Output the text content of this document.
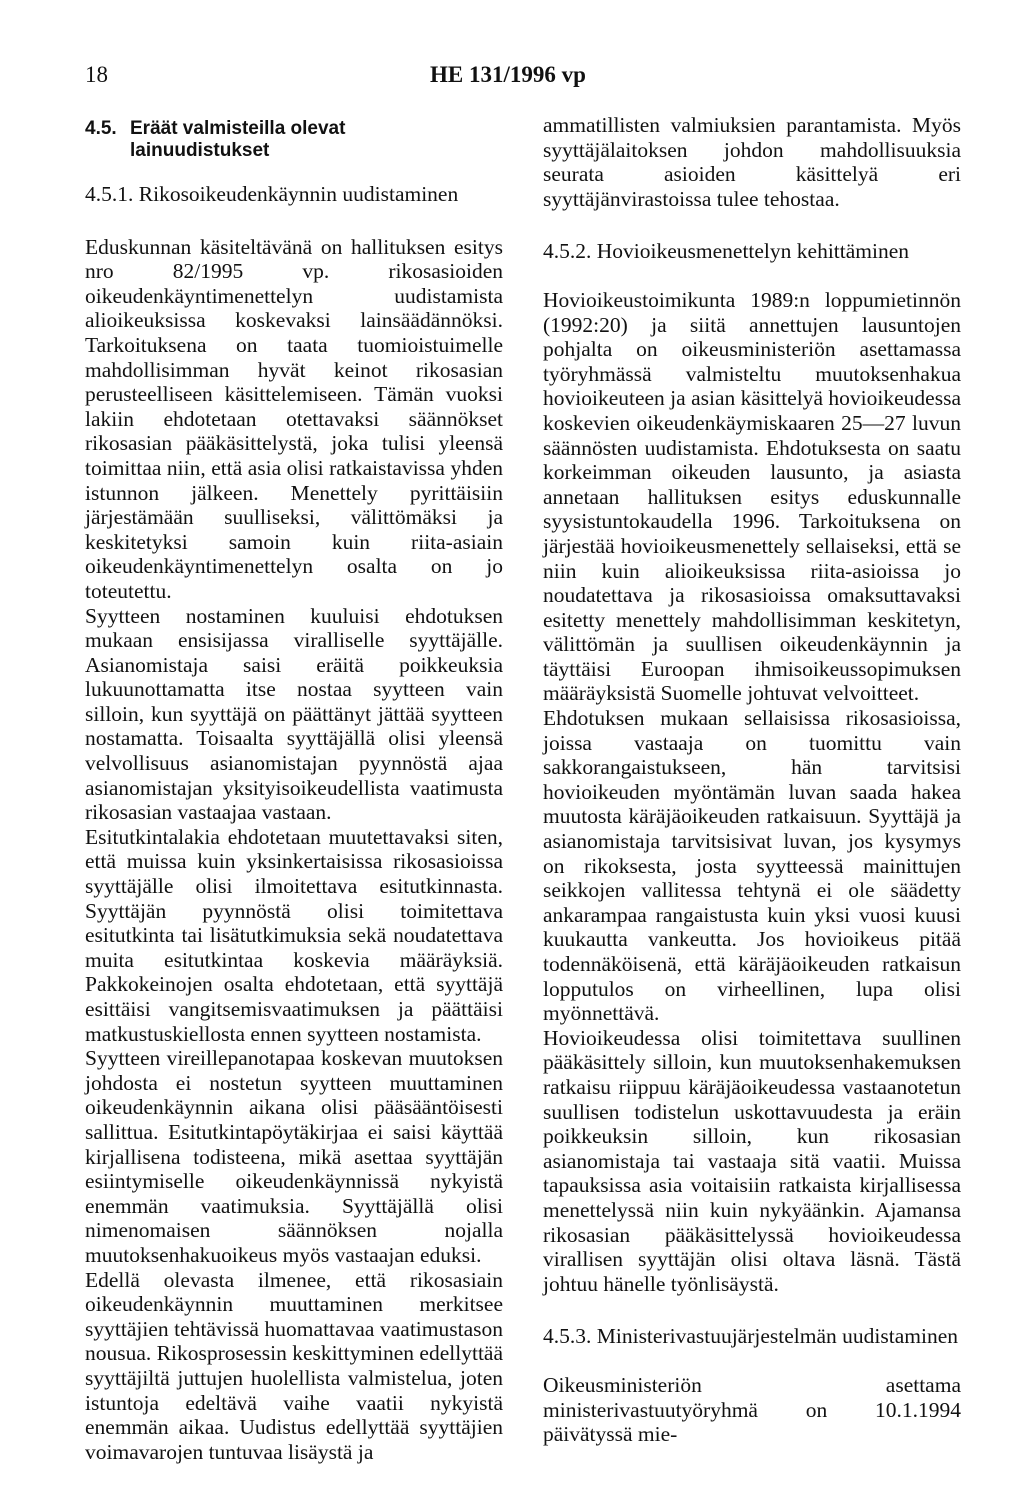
18	HE 131/1996 vp
4.5. Eräät valmisteilla olevat lainuudistukset

4.5.1. Rikosoikeudenkäynnin uudistaminen

Eduskunnan käsiteltävänä on hallituksen esitys nro 82/1995 vp. rikosasioiden oikeudenkäyntimenettelyn uudistamista alioikeuksissa koskevaksi lainsäädännöksi. Tarkoituksena on taata tuomioistuimelle mahdollisimman hyvät keinot rikosasian perusteelliseen käsittelemiseen. Tämän vuoksi lakiin ehdotetaan otettavaksi säännökset rikosasian pääkäsittelystä, joka tulisi yleensä toimittaa niin, että asia olisi ratkaistavissa yhden istunnon jälkeen. Menettely pyrittäisiin järjestämään suulliseksi, välittömäksi ja keskitetyksi samoin kuin riita-asiain oikeudenkäyntimenettelyn osalta on jo toteutettu.

Syytteen nostaminen kuuluisi ehdotuksen mukaan ensisijassa viralliselle syyttäjälle. Asianomistaja saisi eräitä poikkeuksia lukuunottamatta itse nostaa syytteen vain silloin, kun syyttäjä on päättänyt jättää syytteen nostamatta. Toisaalta syyttäjällä olisi yleensä velvollisuus asianomistajan pyynnöstä ajaa asianomistajan yksityisoikeudellista vaatimusta rikosasian vastaajaa vastaan.

Esitutkintalakia ehdotetaan muutettavaksi siten, että muissa kuin yksinkertaisissa rikosasioissa syyttäjälle olisi ilmoitettava esitutkinnasta. Syyttäjän pyynnöstä olisi toimitettava esitutkinta tai lisätutkimuksia sekä noudatettava muita esitutkintaa koskevia määräyksiä. Pakkokeinojen osalta ehdotetaan, että syyttäjä esittäisi vangitsemisvaatimuksen ja päättäisi matkustuskiellosta ennen syytteen nostamista.

Syytteen vireillepanotapaa koskevan muutoksen johdosta ei nostetun syytteen muuttaminen oikeudenkäynnin aikana olisi pääsääntöisesti sallittua. Esitutkintapöytäkirjaa ei saisi käyttää kirjallisena todisteena, mikä asettaa syyttäjän esiintymiselle oikeudenkäynnissä nykyistä enemmän vaatimuksia. Syyttäjällä olisi nimenomaisen säännöksen nojalla muutoksenhakuoikeus myös vastaajan eduksi.

Edellä olevasta ilmenee, että rikosasiain oikeudenkäynnin muuttaminen merkitsee syyttäjien tehtävissä huomattavaa vaatimustason nousua. Rikosprosessin keskittyminen edellyttää syyttäjiltä juttujen huolellista valmistelua, joten istuntoja edeltävä vaihe vaatii nykyistä enemmän aikaa. Uudistus edellyttää syyttäjien voimavarojen tuntuvaa lisäystä ja

ammatillisten valmiuksien parantamista. Myös syyttäjälaitoksen johdon mahdollisuuksia seurata asioiden käsittelyä eri syyttäjänvirastoissa tulee tehostaa.

4.5.2. Hovioikeusmenettelyn kehittäminen

Hovioikeustoimikunta 1989:n loppumietinnön (1992:20) ja siitä annettujen lausuntojen pohjalta on oikeusministeriön asettamassa työryhmässä valmisteltu muutoksenhakua hovioikeuteen ja asian käsittelyä hovioikeudessa koskevien oikeudenkäymiskaaren 25—27 luvun säännösten uudistamista. Ehdotuksesta on saatu korkeimman oikeuden lausunto, ja asiasta annetaan hallituksen esitys eduskunnalle syysistuntokaudella 1996. Tarkoituksena on järjestää hovioikeusmenettely sellaiseksi, että se niin kuin alioikeuksissa riita-asioissa jo noudatettava ja rikosasioissa omaksuttavaksi esitetty menettely mahdollisimman keskitetyn, välittömän ja suullisen oikeudenkäynnin ja täyttäisi Euroopan ihmisoikeussopimuksen määräyksistä Suomelle johtuvat velvoitteet.

Ehdotuksen mukaan sellaisissa rikosasioissa, joissa vastaaja on tuomittu vain sakkorangaistukseen, hän tarvitsisi hovioikeuden myöntämän luvan saada hakea muutosta käräjäoikeuden ratkaisuun. Syyttäjä ja asianomistaja tarvitsisivat luvan, jos kysymys on rikoksesta, josta syytteessä mainittujen seikkojen vallitessa tehtynä ei ole säädetty ankarampaa rangaistusta kuin yksi vuosi kuusi kuukautta vankeutta. Jos hovioikeus pitää todennäköisenä, että käräjäoikeuden ratkaisun lopputulos on virheellinen, lupa olisi myönnettävä.

Hovioikeudessa olisi toimitettava suullinen pääkäsittely silloin, kun muutoksenhakemuksen ratkaisu riippuu käräjäoikeudessa vastaanotetun suullisen todistelun uskottavuudesta ja eräin poikkeuksin silloin, kun rikosasian asianomistaja tai vastaaja sitä vaatii. Muissa tapauksissa asia voitaisiin ratkaista kirjallisessa menettelyssä niin kuin nykyäänkin. Ajamansa rikosasian pääkäsittelyssä hovioikeudessa virallisen syyttäjän olisi oltava läsnä. Tästä johtuu hänelle työnlisäystä.

4.5.3. Ministerivastuujärjestelmän uudistaminen

Oikeusministeriön asettama ministerivastuutyöryhmä on 10.1.1994 päivätyssä mie-
